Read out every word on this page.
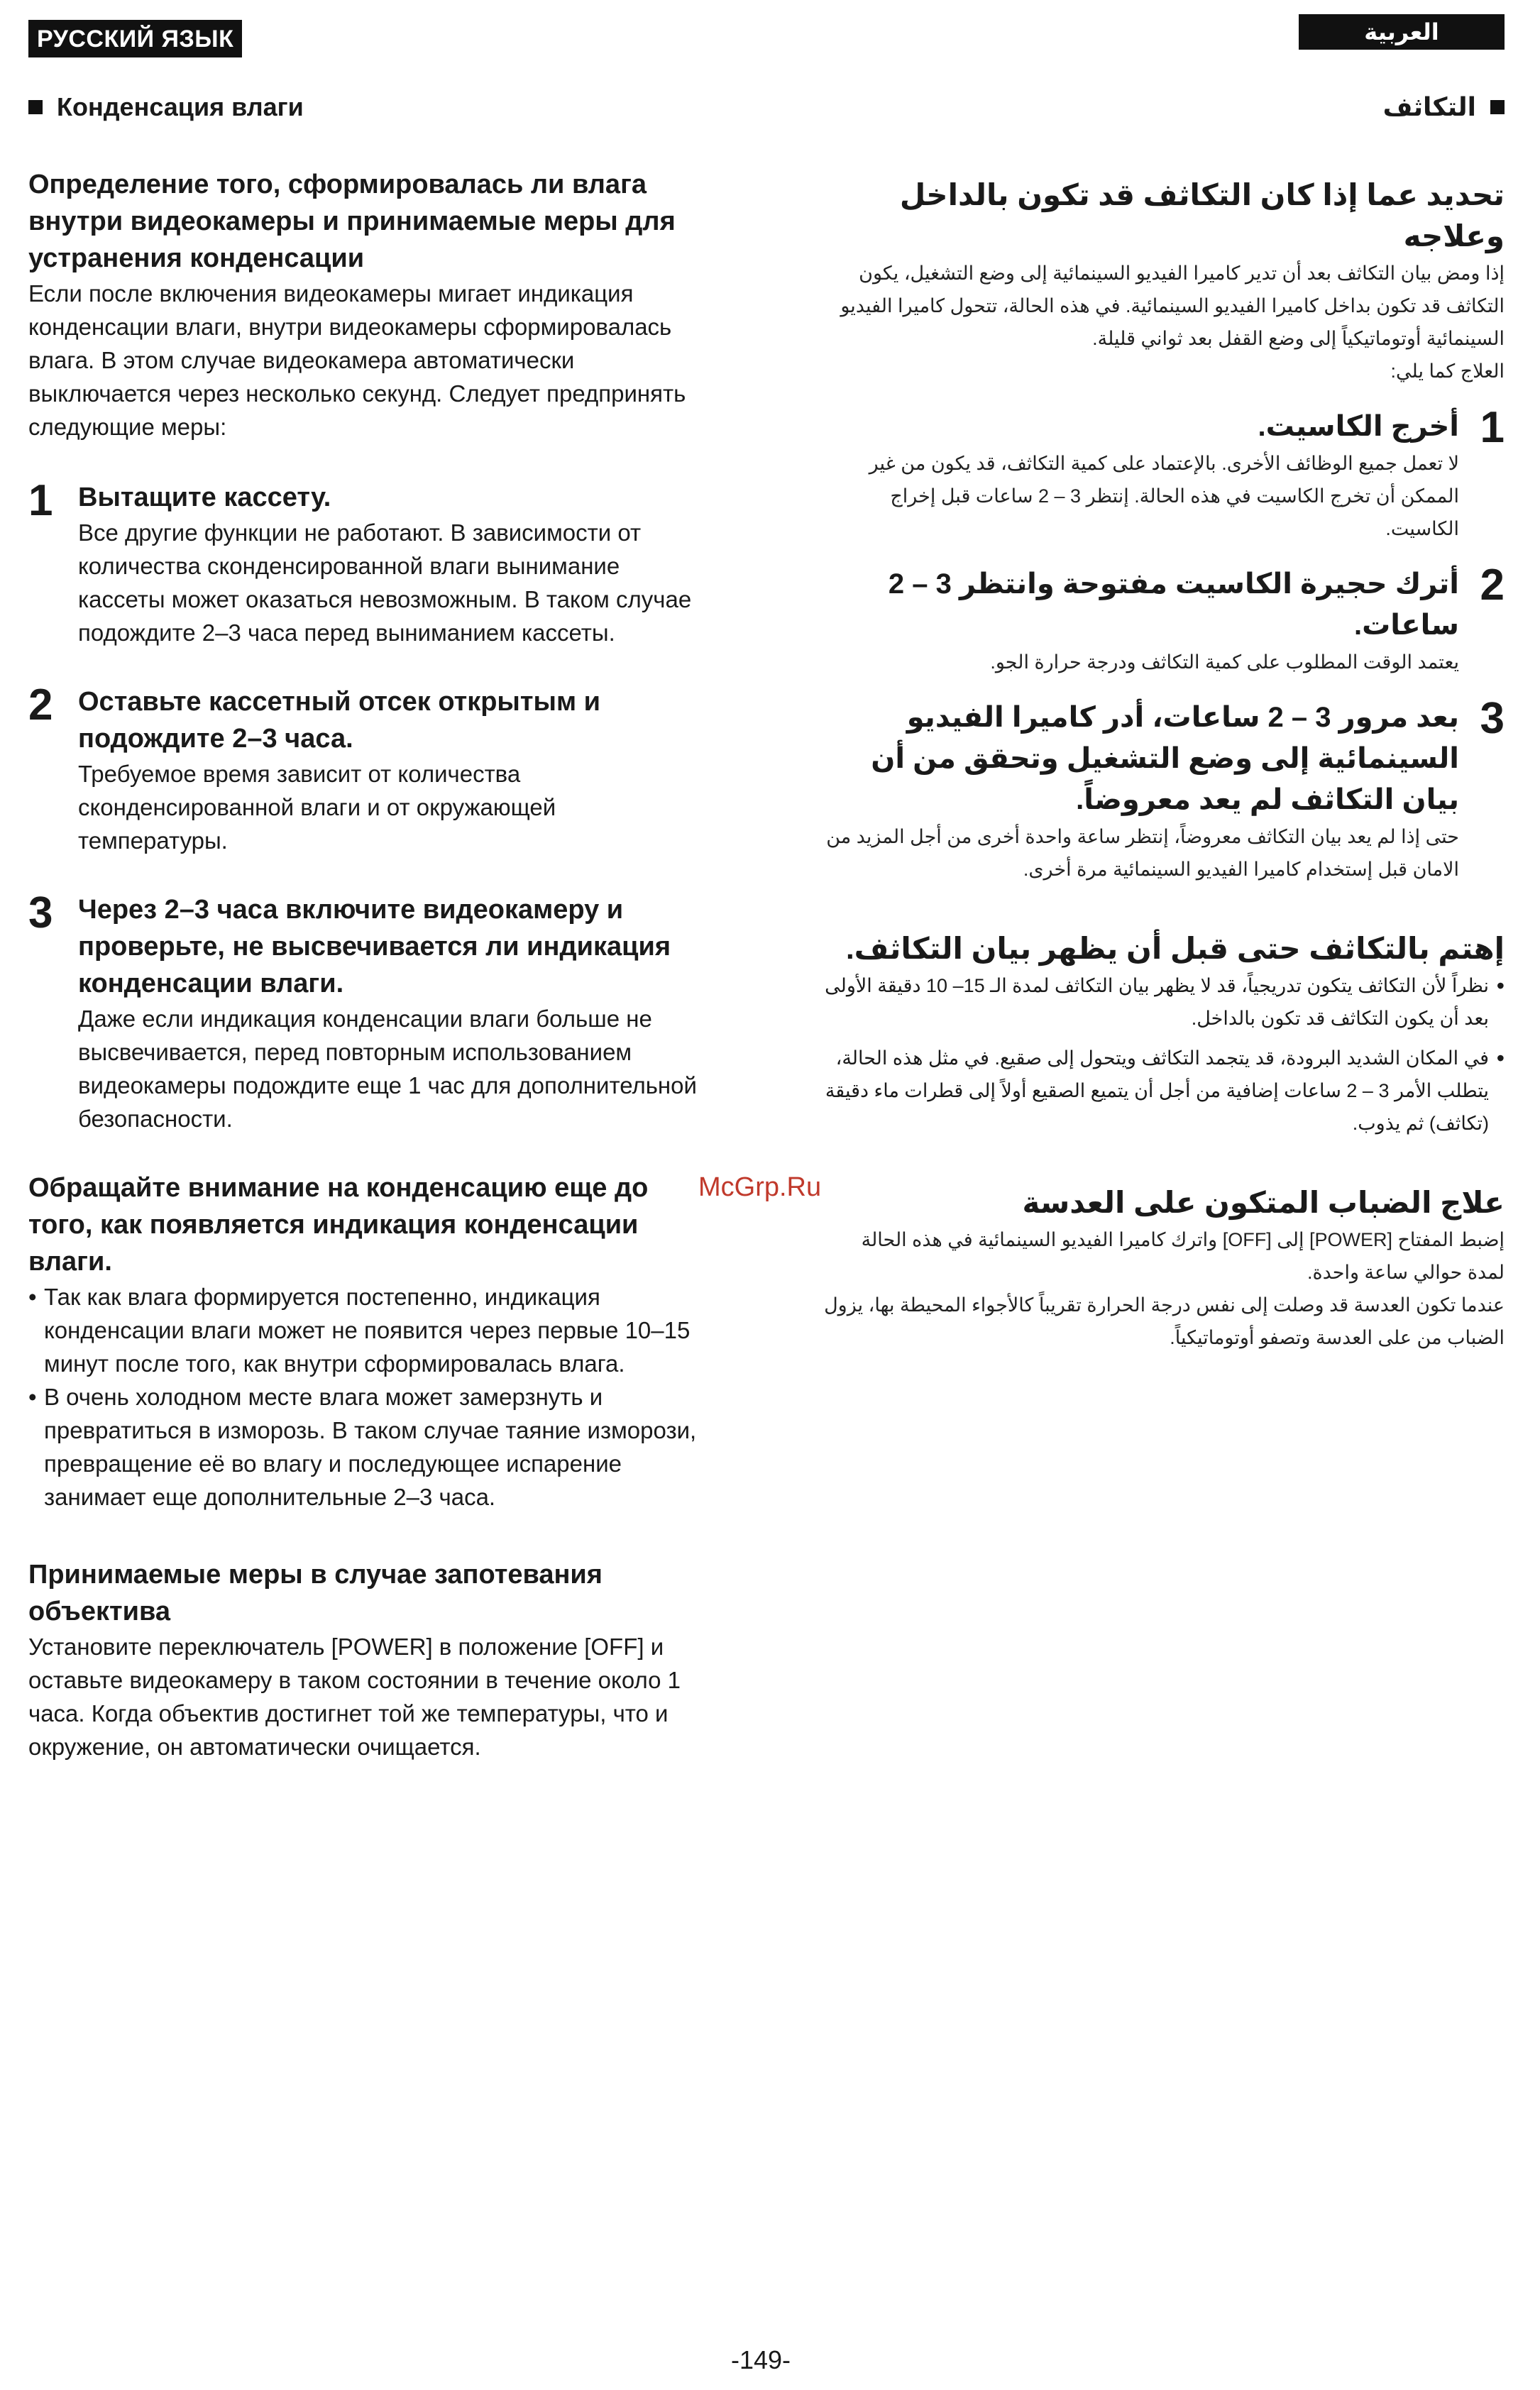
РУССКИЙ ЯЗЫК	العربية
Конденсация влаги
Определение того, сформировалась ли влага внутри видеокамеры и принимаемые меры для устранения конденсации
Если после включения видеокамеры мигает индикация конденсации влаги, внутри видеокамеры сформировалась влага. В этом случае видеокамера автоматически выключается через несколько секунд. Следует предпринять следующие меры:
1 Вытащите кассету.
Все другие функции не работают. В зависимости от количества сконденсированной влаги вынимание кассеты может оказаться невозможным. В таком случае подождите 2–3 часа перед выниманием кассеты.
2 Оставьте кассетный отсек открытым и подождите 2–3 часа.
Требуемое время зависит от количества сконденсированной влаги и от окружающей температуры.
3 Через 2–3 часа включите видеокамеру и проверьте, не высвечивается ли индикация конденсации влаги.
Даже если индикация конденсации влаги больше не высвечивается, перед повторным использованием видеокамеры подождите еще 1 час для дополнительной безопасности.
Обращайте внимание на конденсацию еще до того, как появляется индикация конденсации влаги.
• Так как влага формируется постепенно, индикация конденсации влаги может не появится через первые 10–15 минут после того, как внутри сформировалась влага.
• В очень холодном месте влага может замерзнуть и превратиться в изморозь. В таком случае таяние изморози, превращение её во влагу и последующее испарение занимает еще дополнительные 2–3 часа.
Принимаемые меры в случае запотевания объектива
Установите переключатель [POWER] в положение [OFF] и оставьте видеокамеру в таком состоянии в течение около 1 часа. Когда объектив достигнет той же температуры, что и окружение, он автоматически очищается.
التكاثف
تحديد عما إذا كان التكاثف قد تكون بالداخل وعلاجه
إذا ومض بيان التكاثف بعد أن تدير كاميرا الفيديو السينمائية إلى وضع التشغيل، يكون التكاثف قد تكون بداخل كاميرا الفيديو السينمائية. في هذه الحالة، تتحول كاميرا الفيديو السينمائية أوتوماتيكياً إلى وضع القفل بعد ثواني قليلة.
العلاج كما يلي:
1
أخرج الكاسيت.
لا تعمل جميع الوظائف الأخرى. بالإعتماد على كمية التكاثف، قد يكون من غير الممكن أن تخرج الكاسيت في هذه الحالة. إنتظر 3 – 2 ساعات قبل إخراج الكاسيت.
2
أترك حجيرة الكاسيت مفتوحة وانتظر 3 – 2 ساعات.
يعتمد الوقت المطلوب على كمية التكاثف ودرجة حرارة الجو.
3
بعد مرور 3 – 2 ساعات، أدر كاميرا الفيديو السينمائية إلى وضع التشغيل وتحقق من أن بيان التكاثف لم يعد معروضاً.
حتى إذا لم يعد بيان التكاثف معروضاً، إنتظر ساعة واحدة أخرى من أجل المزيد من الامان قبل إستخدام كاميرا الفيديو السينمائية مرة أخرى.
إهتم بالتكاثف حتى قبل أن يظهر بيان التكاثف.
• نظراً لأن التكاثف يتكون تدريجياً، قد لا يظهر بيان التكاثف لمدة الـ 15– 10 دقيقة الأولى بعد أن يكون التكاثف قد تكون بالداخل.
• في المكان الشديد البرودة، قد يتجمد التكاثف ويتحول إلى صقيع. في مثل هذه الحالة، يتطلب الأمر 3 – 2 ساعات إضافية من أجل أن يتميع الصقيع أولاً إلى قطرات ماء دقيقة (تكاثف) ثم يذوب.
علاج الضباب المتكون على العدسة
إضبط المفتاح [POWER] إلى [OFF] واترك كاميرا الفيديو السينمائية في هذه الحالة لمدة حوالي ساعة واحدة.
عندما تكون العدسة قد وصلت إلى نفس درجة الحرارة تقريباً كالأجواء المحيطة بها، يزول الضباب من على العدسة وتصفو أوتوماتيكياً.
McGrp.Ru
-149-
